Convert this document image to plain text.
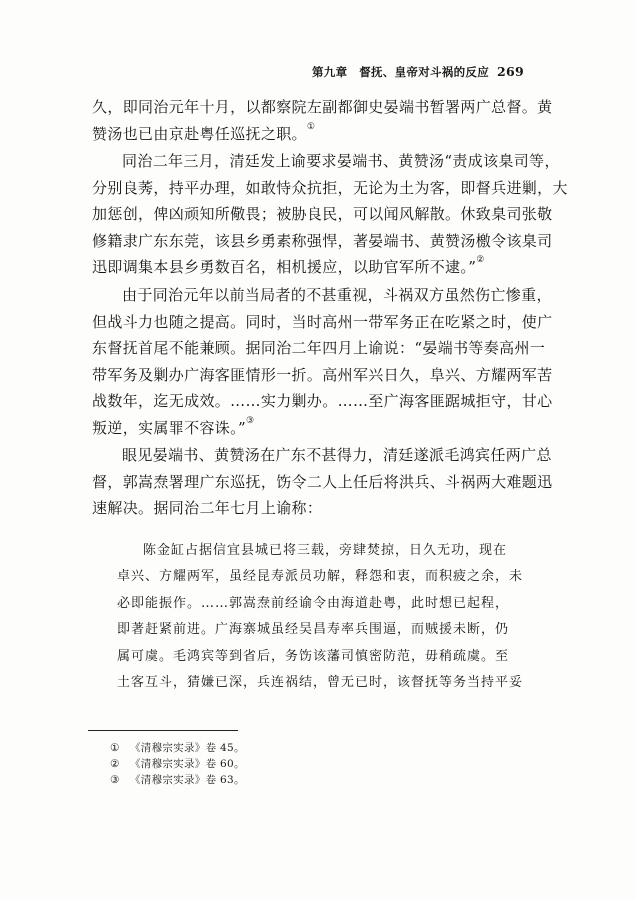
第九章　督抚、皇帝对斗祸的反应 269
久，即同治元年十月，以都察院左副都御史晏端书暂署两广总督。黄
赞汤也已由京赴粤任巡抚之职。①
同治二年三月，清廷发上谕要求晏端书、黄赞汤“责成该臬司等，
分别良莠，持平办理，如敢恃众抗拒，无论为土为客，即督兵进剿，大
加惩创，俾凶顽知所儆畏；被胁良民，可以闻风解散。休致臬司张敬
修籍隶广东东莞，该县乡勇素称强悍，著晏端书、黄赞汤檄令该臬司
迅即调集本县乡勇数百名，相机援应，以助官军所不逮。”②
由于同治元年以前当局者的不甚重视，斗祸双方虽然伤亡惨重，
但战斗力也随之提高。同时，当时高州一带军务正在吃紧之时，使广
东督抚首尾不能兼顾。据同治二年四月上谕说：“晏端书等奏高州一
带军务及剿办广海客匪情形一折。高州军兴日久，阜兴、方耀两军苦
战数年，迄无成效。……实力剿办。……至广海客匪踞城拒守，甘心
叛逆，实属罪不容诛。”③
眼见晏端书、黄赞汤在广东不甚得力，清廷遂派毛鸿宾任两广总
督，郭嵩焘署理广东巡抚，饬令二人上任后将洪兵、斗祸两大难题迅
速解决。据同治二年七月上谕称：
陈金缸占据信宜县城已将三载，旁肆焚掠，日久无功，现在
卓兴、方耀两军，虽经昆寿派员功解，释怨和衷，而积疲之余，未
必即能振作。……郭嵩焘前经谕令由海道赴粤，此时想已起程，
即著赶紧前进。广海寨城虽经吴昌寿率兵围逼，而贼援未断，仍
属可虞。毛鸿宾等到省后，务饬该藩司慎密防范，毋稍疏虞。至
土客互斗，猜嫌已深，兵连祸结，曾无已时，该督抚等务当持平妥
① 《清穆宗实录》卷 45。
② 《清穆宗实录》卷 60。
③ 《清穆宗实录》卷 63。
